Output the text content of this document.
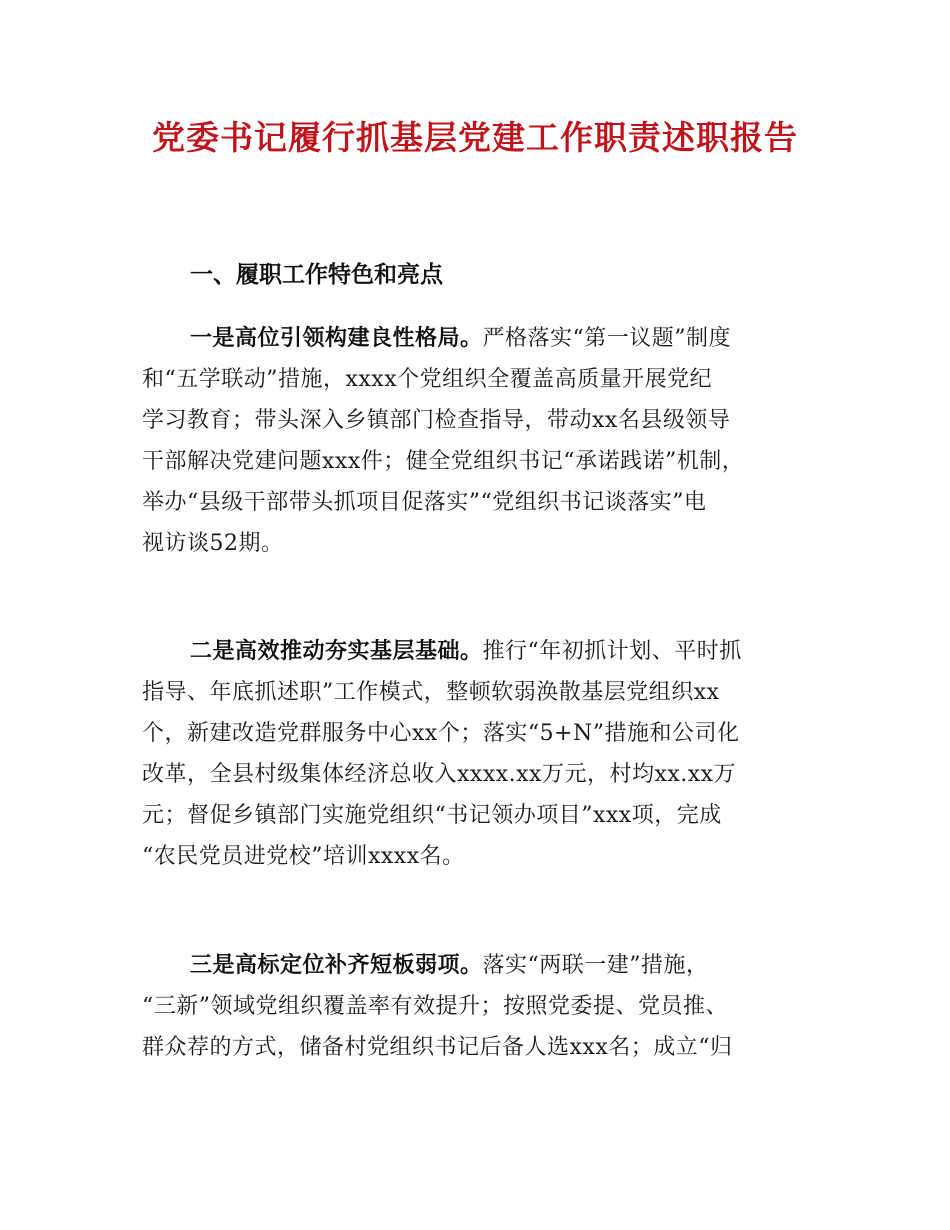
党委书记履行抓基层党建工作职责述职报告
一、履职工作特色和亮点
一是高位引领构建良性格局。严格落实“第一议题”制度
和“五学联动”措施，xxxx个党组织全覆盖高质量开展党纪
学习教育；带头深入乡镇部门检查指导，带动xx名县级领导
干部解决党建问题xxx件；健全党组织书记“承诺践诺”机制，
举办“县级干部带头抓项目促落实”“党组织书记谈落实”电
视访谈52期。
二是高效推动夯实基层基础。推行“年初抓计划、平时抓
指导、年底抓述职”工作模式，整顿软弱涣散基层党组织xx
个，新建改造党群服务中心xx个；落实“5+N”措施和公司化
改革，全县村级集体经济总收入xxxx.xx万元，村均xx.xx万
元；督促乡镇部门实施党组织“书记领办项目”xxx项，完成
“农民党员进党校”培训xxxx名。
三是高标定位补齐短板弱项。落实“两联一建”措施，
“三新”领域党组织覆盖率有效提升；按照党委提、党员推、
群众荐的方式，储备村党组织书记后备人选xxx名；成立“归
